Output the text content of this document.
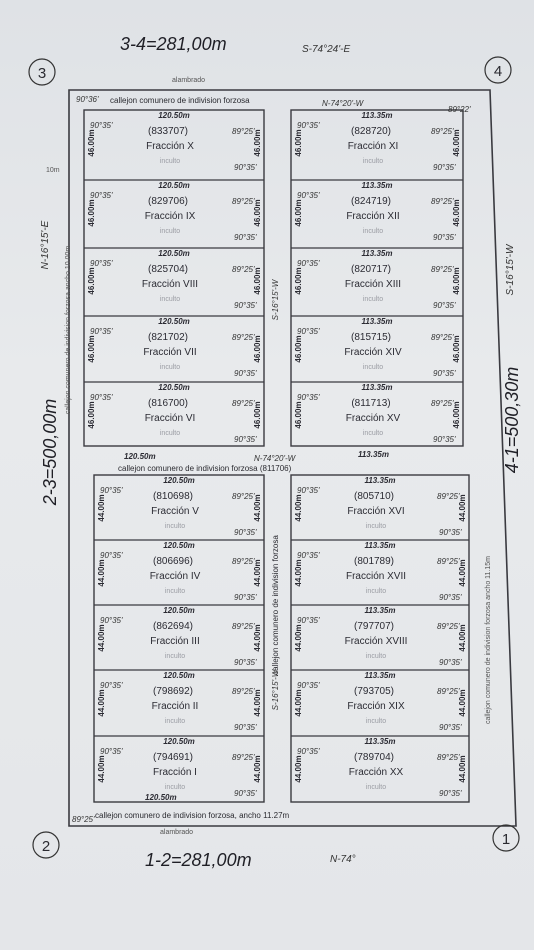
3	4
2	1
3-4=281,00m	S-74°24'-E
1-2=281,00m	N-74°
2-3=500,00m
N-16°15'-E
4-1=500,30m
S-16°15'-W
alambrado
alambrado
10m
callejon comunero de indivision forzosa
90°36'	N-74°20'-W
89°22'
callejon comunero de indivision forzosa (811706)
120.50m	N-74°20'-W	113.35m
callejon comunero de indivision forzosa
S-16°15'-W
S-16°15'-W
callejon comunero de indivision forzosa ancho 10.00m
callejon comunero de indivision forzosa ancho 11.15m
callejon comunero de indivision forzosa, ancho 11.27m
89°25'
120.50m
120.50m
(833707)
Fracción X
inculto
90°35'
90°35'
89°25'
46.00m	46.00m
120.50m
(829706)
Fracción IX
inculto
90°35'
90°35'
89°25'
46.00m	46.00m
120.50m
(825704)
Fracción VIII
inculto
90°35'
90°35'
89°25'
46.00m	46.00m
120.50m
(821702)
Fracción VII
inculto
90°35'
90°35'
89°25'
46.00m	46.00m
120.50m
(816700)
Fracción VI
inculto
90°35'
90°35'
89°25'
46.00m	46.00m
120.50m
(810698)
Fracción V
inculto
90°35'
90°35'
89°25'
44.00m	44.00m
120.50m
(806696)
Fracción IV
inculto
90°35'
90°35'
89°25'
44.00m	44.00m
120.50m
(862694)
Fracción III
inculto
90°35'
90°35'
89°25'
44.00m	44.00m
120.50m
(798692)
Fracción II
inculto
90°35'
90°35'
89°25'
44.00m	44.00m
120.50m
(794691)
Fracción I
inculto
90°35'
90°35'
89°25'
44.00m	44.00m
113.35m
(828720)
Fracción XI
inculto
90°35'
90°35'
89°25'
46.00m	46.00m
113.35m
(824719)
Fracción XII
inculto
90°35'
90°35'
89°25'
46.00m	46.00m
113.35m
(820717)
Fracción XIII
inculto
90°35'
90°35'
89°25'
46.00m	46.00m
113.35m
(815715)
Fracción XIV
inculto
90°35'
90°35'
89°25'
46.00m	46.00m
113.35m
(811713)
Fracción XV
inculto
90°35'
90°35'
89°25'
46.00m	46.00m
113.35m
(805710)
Fracción XVI
inculto
90°35'
90°35'
89°25'
44.00m	44.00m
113.35m
(801789)
Fracción XVII
inculto
90°35'
90°35'
89°25'
44.00m	44.00m
113.35m
(797707)
Fracción XVIII
inculto
90°35'
90°35'
89°25'
44.00m	44.00m
113.35m
(793705)
Fracción XIX
inculto
90°35'
90°35'
89°25'
44.00m	44.00m
113.35m
(789704)
Fracción XX
inculto
90°35'
90°35'
89°25'
44.00m	44.00m
